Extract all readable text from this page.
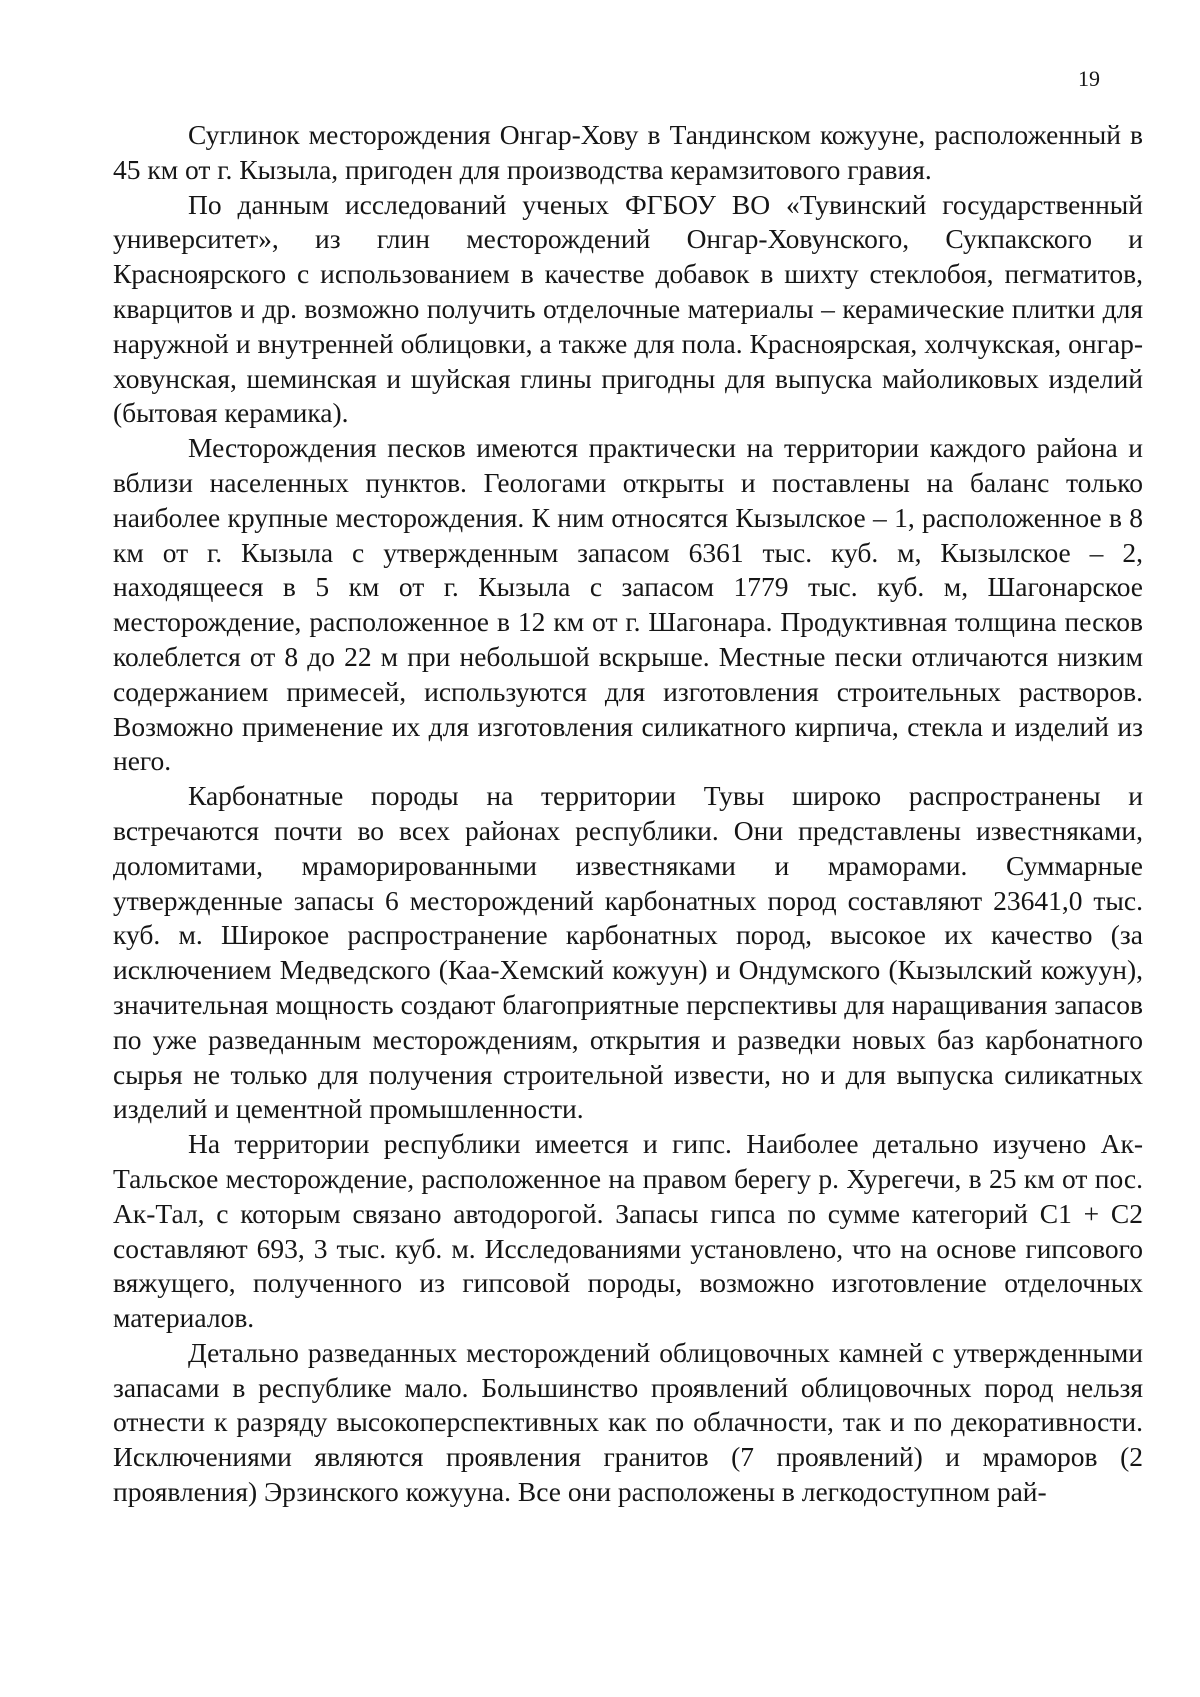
19

Суглинок месторождения Онгар-Хову в Тандинском кожууне, расположенный в 45 км от г. Кызыла, пригоден для производства керамзитового гравия.

По данным исследований ученых ФГБОУ ВО «Тувинский государственный университет», из глин месторождений Онгар-Ховунского, Сукпакского и Красноярского с использованием в качестве добавок в шихту стеклобоя, пегматитов, кварцитов и др. возможно получить отделочные материалы – керамические плитки для наружной и внутренней облицовки, а также для пола. Красноярская, холчукская, онгар-ховунская, шеминская и шуйская глины пригодны для выпуска майоликовых изделий (бытовая керамика).

Месторождения песков имеются практически на территории каждого района и вблизи населенных пунктов. Геологами открыты и поставлены на баланс только наиболее крупные месторождения. К ним относятся Кызылское – 1, расположенное в 8 км от г. Кызыла с утвержденным запасом 6361 тыс. куб. м, Кызылское – 2, находящееся в 5 км от г. Кызыла с запасом 1779 тыс. куб. м, Шагонарское месторождение, расположенное в 12 км от г. Шагонара. Продуктивная толщина песков колеблется от 8 до 22 м при небольшой вскрыше. Местные пески отличаются низким содержанием примесей, используются для изготовления строительных растворов. Возможно применение их для изготовления силикатного кирпича, стекла и изделий из него.

Карбонатные породы на территории Тувы широко распространены и встречаются почти во всех районах республики. Они представлены известняками, доломитами, мраморированными известняками и мраморами. Суммарные утвержденные запасы 6 месторождений карбонатных пород составляют 23641,0 тыс. куб. м. Широкое распространение карбонатных пород, высокое их качество (за исключением Медведского (Каа-Хемский кожуун) и Ондумского (Кызылский кожуун), значительная мощность создают благоприятные перспективы для наращивания запасов по уже разведанным месторождениям, открытия и разведки новых баз карбонатного сырья не только для получения строительной извести, но и для выпуска силикатных изделий и цементной промышленности.

На территории республики имеется и гипс. Наиболее детально изучено Ак-Тальское месторождение, расположенное на правом берегу р. Хурегечи, в 25 км от пос. Ак-Тал, с которым связано автодорогой. Запасы гипса по сумме категорий С1 + С2 составляют 693, 3 тыс. куб. м. Исследованиями установлено, что на основе гипсового вяжущего, полученного из гипсовой породы, возможно изготовление отделочных материалов.

Детально разведанных месторождений облицовочных камней с утвержденными запасами в республике мало. Большинство проявлений облицовочных пород нельзя отнести к разряду высокоперспективных как по облачности, так и по декоративности. Исключениями являются проявления гранитов (7 проявлений) и мраморов (2 проявления) Эрзинского кожууна. Все они расположены в легкодоступном рай-
